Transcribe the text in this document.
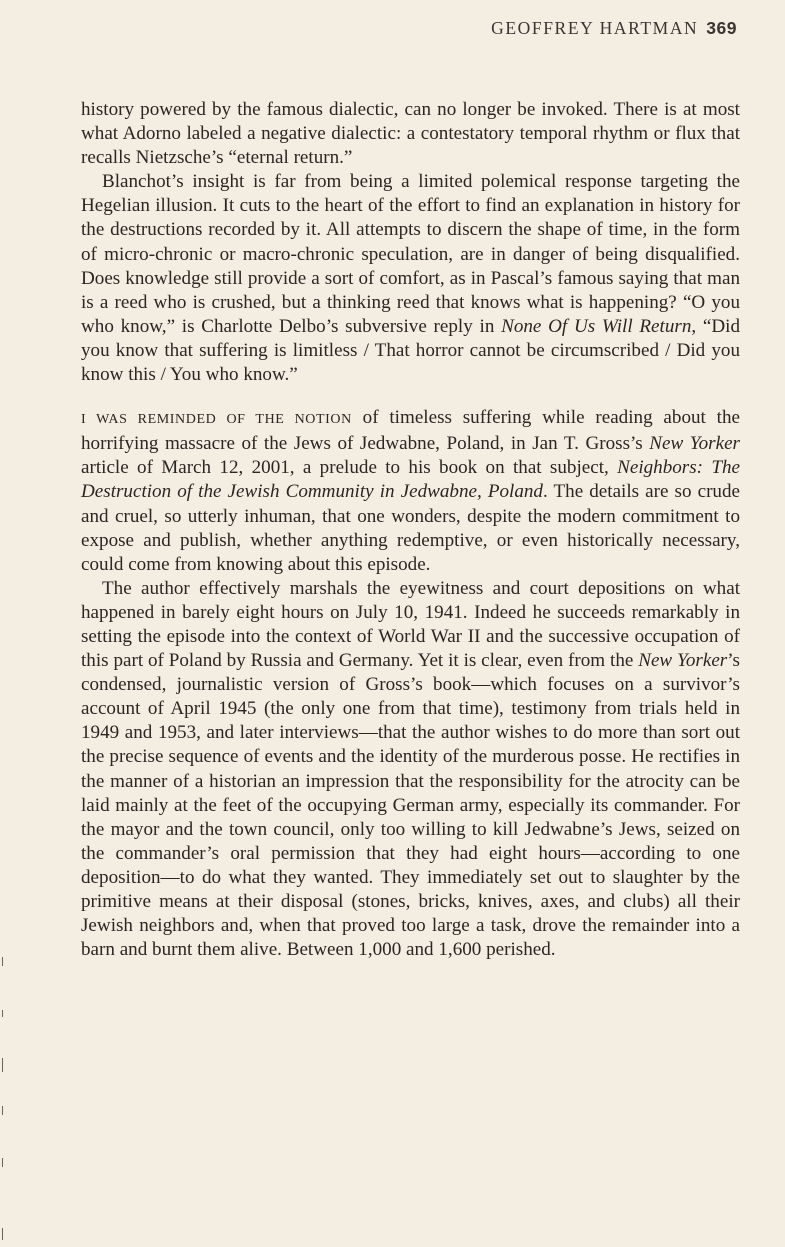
GEOFFREY HARTMAN 369

history powered by the famous dialectic, can no longer be invoked. There is at most what Adorno labeled a negative dialectic: a contestatory temporal rhythm or flux that recalls Nietzsche’s “eternal return.”

Blanchot’s insight is far from being a limited polemical response targeting the Hegelian illusion. It cuts to the heart of the effort to find an explanation in history for the destructions recorded by it. All attempts to discern the shape of time, in the form of micro-chronic or macro-chronic speculation, are in danger of being disqualified. Does knowledge still provide a sort of comfort, as in Pascal’s famous saying that man is a reed who is crushed, but a thinking reed that knows what is happening? “O you who know,” is Charlotte Delbo’s subversive reply in None Of Us Will Return, “Did you know that suffering is limitless / That horror cannot be circumscribed / Did you know this / You who know.”

I WAS REMINDED OF THE NOTION of timeless suffering while reading about the horrifying massacre of the Jews of Jedwabne, Poland, in Jan T. Gross’s New Yorker article of March 12, 2001, a prelude to his book on that subject, Neighbors: The Destruction of the Jewish Community in Jedwabne, Poland. The details are so crude and cruel, so utterly inhuman, that one wonders, despite the modern commitment to expose and publish, whether anything redemptive, or even historically necessary, could come from knowing about this episode.

The author effectively marshals the eyewitness and court depositions on what happened in barely eight hours on July 10, 1941. Indeed he succeeds remarkably in setting the episode into the context of World War II and the successive occupation of this part of Poland by Russia and Germany. Yet it is clear, even from the New Yorker’s condensed, journalistic version of Gross’s book—which focuses on a survivor’s account of April 1945 (the only one from that time), testimony from trials held in 1949 and 1953, and later interviews—that the author wishes to do more than sort out the precise sequence of events and the identity of the murderous posse. He rectifies in the manner of a historian an impression that the responsibility for the atrocity can be laid mainly at the feet of the occupying German army, especially its commander. For the mayor and the town council, only too willing to kill Jedwabne’s Jews, seized on the commander’s oral permission that they had eight hours—according to one deposition—to do what they wanted. They immediately set out to slaughter by the primitive means at their disposal (stones, bricks, knives, axes, and clubs) all their Jewish neighbors and, when that proved too large a task, drove the remainder into a barn and burnt them alive. Between 1,000 and 1,600 perished.
